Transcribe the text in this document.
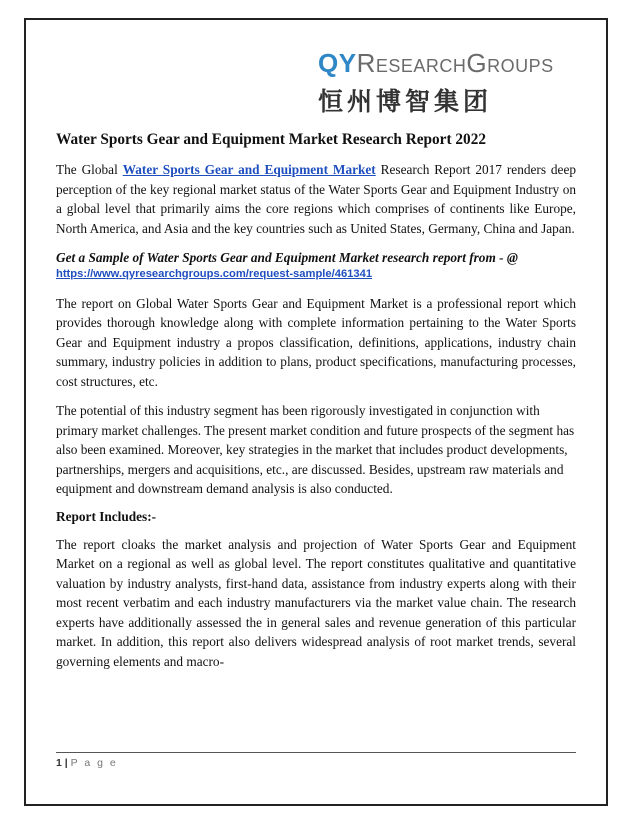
QYResearchGroups
恒州博智集团
Water Sports Gear and Equipment Market Research Report 2022

The Global Water Sports Gear and Equipment Market Research Report 2017 renders deep perception of the key regional market status of the Water Sports Gear and Equipment Industry on a global level that primarily aims the core regions which comprises of continents like Europe, North America, and Asia and the key countries such as United States, Germany, China and Japan.

Get a Sample of Water Sports Gear and Equipment Market research report from - @

https://www.qyresearchgroups.com/request-sample/461341

The report on Global Water Sports Gear and Equipment Market is a professional report which provides thorough knowledge along with complete information pertaining to the Water Sports Gear and Equipment industry a propos classification, definitions, applications, industry chain summary, industry policies in addition to plans, product specifications, manufacturing processes, cost structures, etc.

The potential of this industry segment has been rigorously investigated in conjunction with primary market challenges. The present market condition and future prospects of the segment has also been examined. Moreover, key strategies in the market that includes product developments, partnerships, mergers and acquisitions, etc., are discussed. Besides, upstream raw materials and equipment and downstream demand analysis is also conducted.

Report Includes:-

The report cloaks the market analysis and projection of Water Sports Gear and Equipment Market on a regional as well as global level. The report constitutes qualitative and quantitative valuation by industry analysts, first-hand data, assistance from industry experts along with their most recent verbatim and each industry manufacturers via the market value chain. The research experts have additionally assessed the in general sales and revenue generation of this particular market. In addition, this report also delivers widespread analysis of root market trends, several governing elements and macro-

1 | P a g e
